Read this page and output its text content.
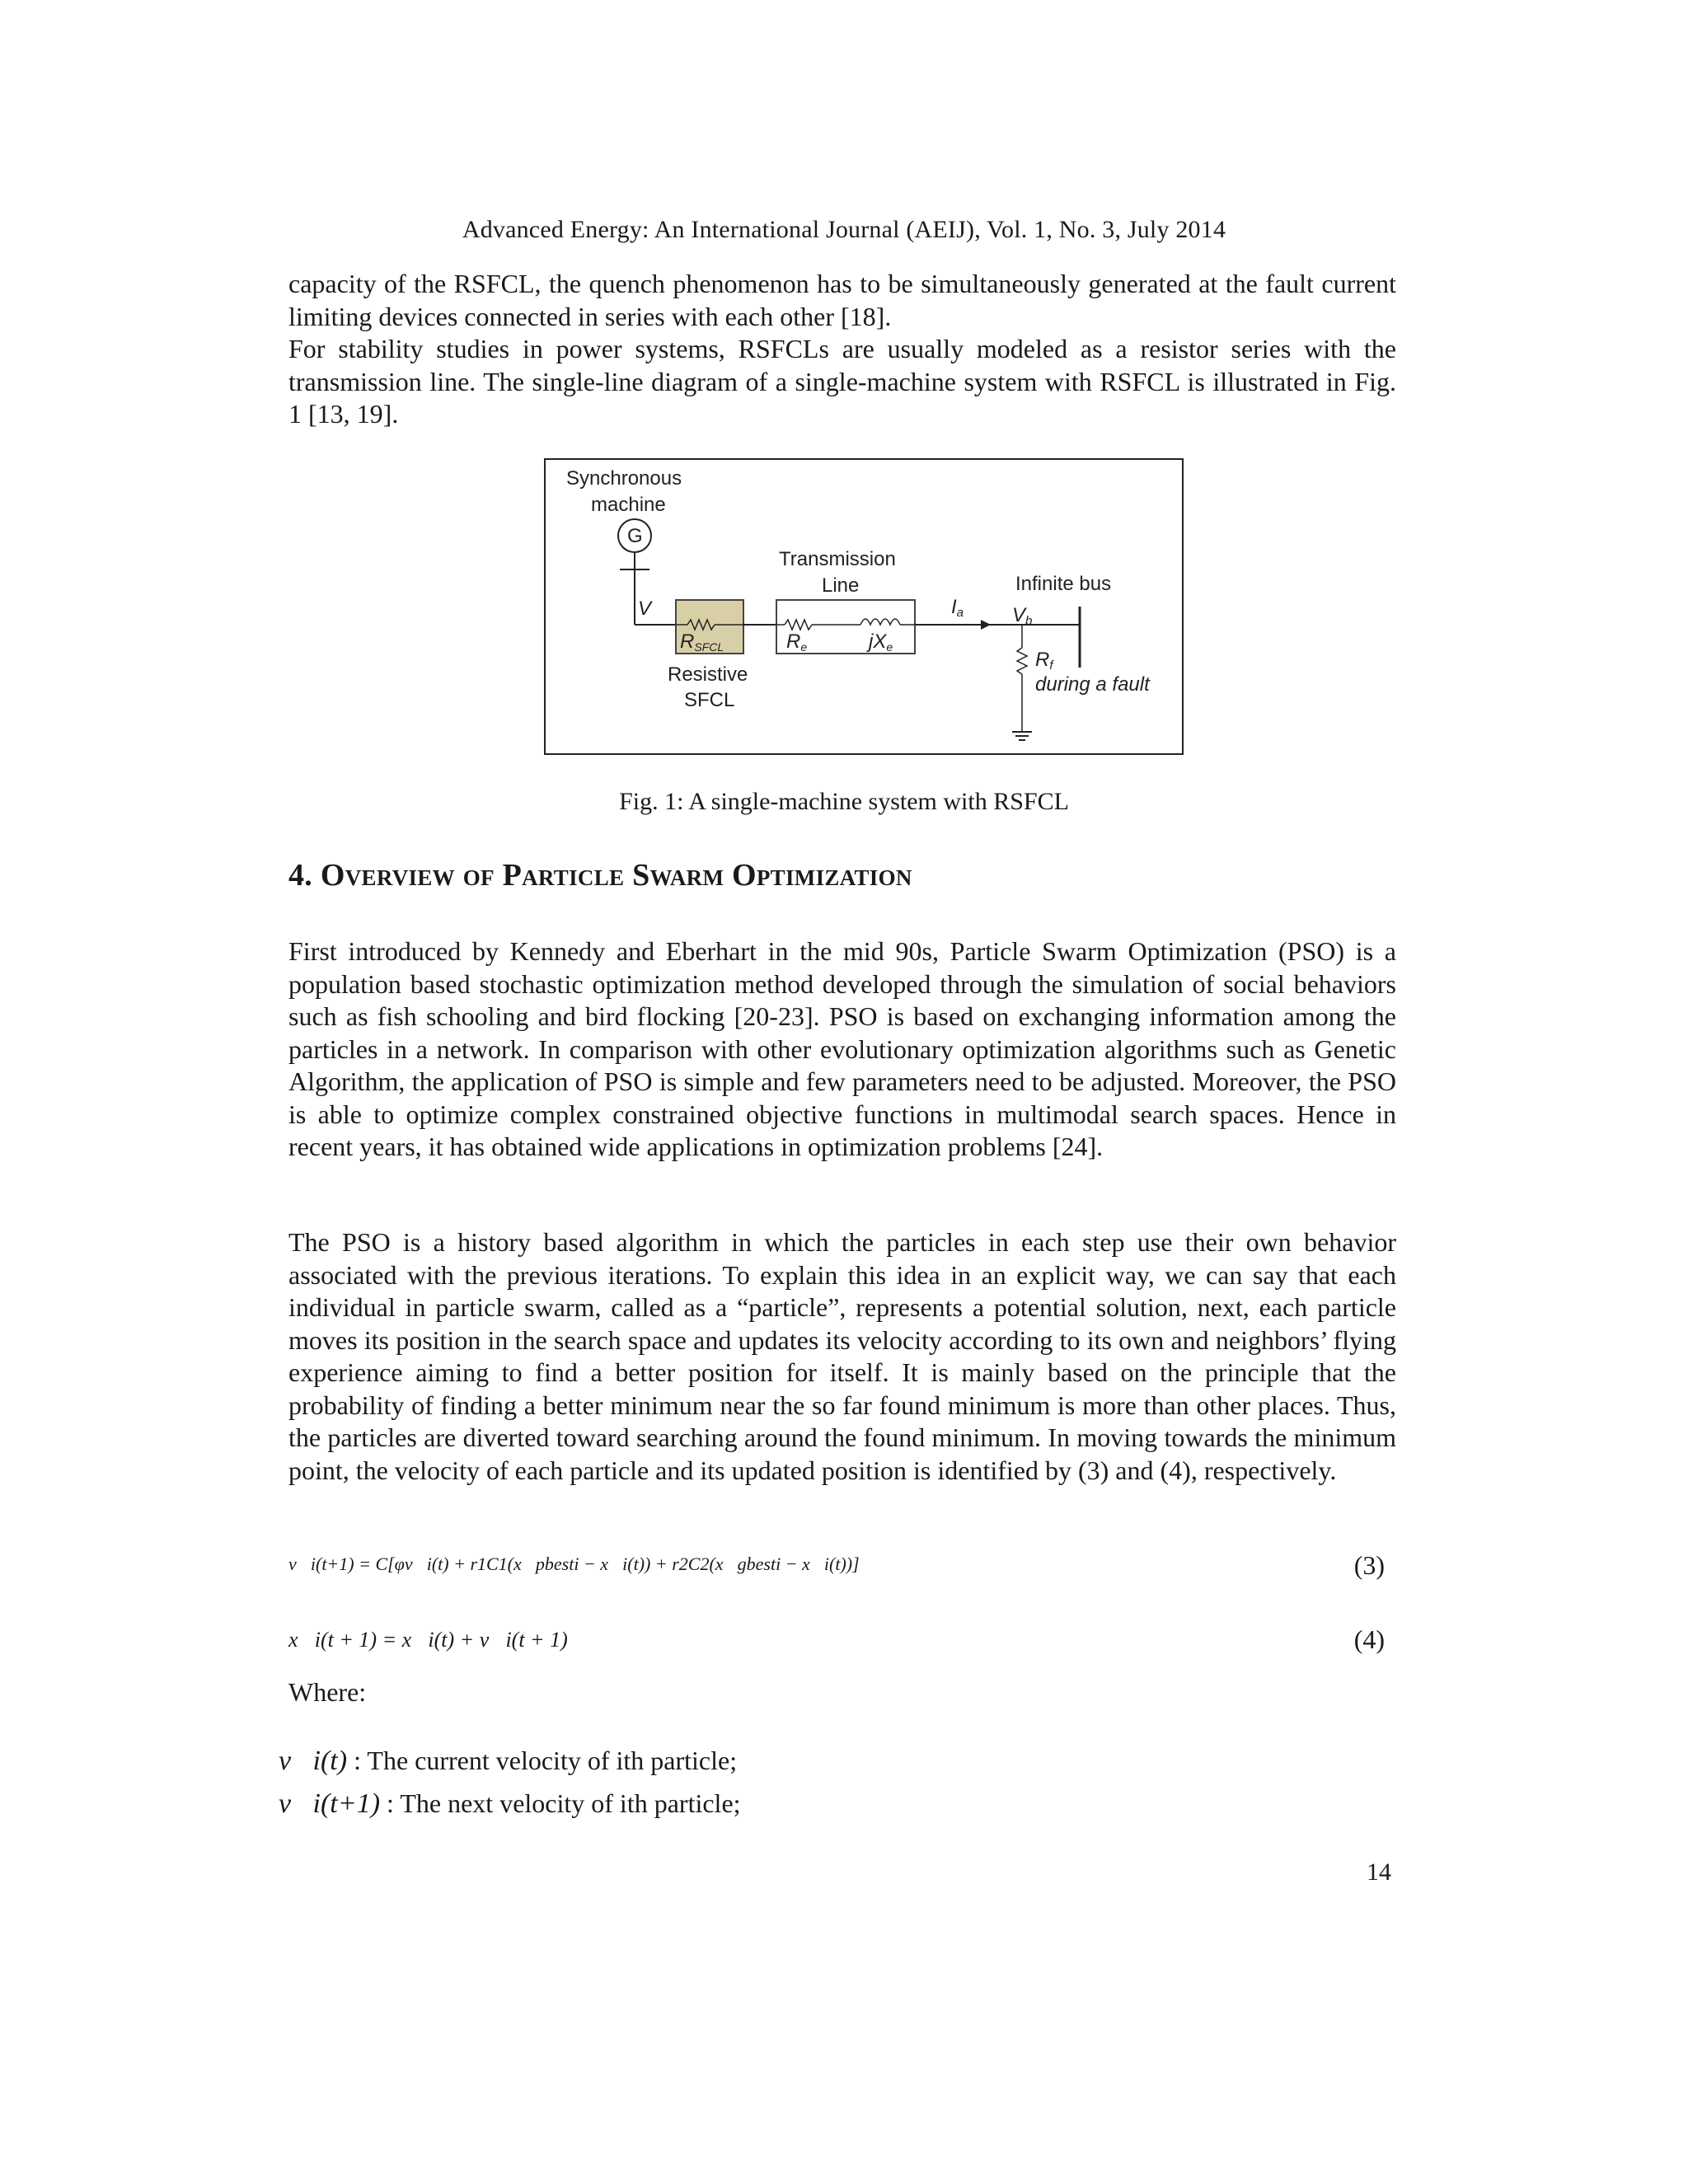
Advanced Energy: An International Journal (AEIJ), Vol. 1, No. 3, July 2014

capacity of the RSFCL, the quench phenomenon has to be simultaneously generated at the fault current limiting devices connected in series with each other [18].

For stability studies in power systems, RSFCLs are usually modeled as a resistor series with the transmission line. The single-line diagram of a single-machine system with RSFCL is illustrated in Fig. 1 [13, 19].

Synchronous
machine
G
V
RSFCL
Resistive
SFCL
Transmission
Line
Re	jXe
Ia Vb
Infinite bus
Rf
during a fault
Fig. 1: A single-machine system with RSFCL
4. Overview of Particle Swarm Optimization

First introduced by Kennedy and Eberhart in the mid 90s, Particle Swarm Optimization (PSO) is a population based stochastic optimization method developed through the simulation of social behaviors such as fish schooling and bird flocking [20-23]. PSO is based on exchanging information among the particles in a network. In comparison with other evolutionary optimization algorithms such as Genetic Algorithm, the application of PSO is simple and few parameters need to be adjusted. Moreover, the PSO is able to optimize complex constrained objective functions in multimodal search spaces. Hence in recent years, it has obtained wide applications in optimization problems [24].

The PSO is a history based algorithm in which the particles in each step use their own behavior associated with the previous iterations. To explain this idea in an explicit way, we can say that each individual in particle swarm, called as a “particle”, represents a potential solution, next, each particle moves its position in the search space and updates its velocity according to its own and neighbors’ flying experience aiming to find a better position for itself. It is mainly based on the principle that the probability of finding a better minimum near the so far found minimum is more than other places. Thus, the particles are diverted toward searching around the found minimum. In moving towards the minimum point, the velocity of each particle and its updated position is identified by (3) and (4), respectively.

v⃗i(t+1) = C[φv⃗i(t) + r1C1(x⃗pbesti − x⃗i(t)) + r2C2(x⃗gbesti − x⃗i(t))]	(3)
x⃗i(t + 1) = x⃗i(t) + v⃗i(t + 1)	(4)
Where:
v⃗i(t) : The current velocity of ith particle;
v⃗i(t+1) : The next velocity of ith particle;
14
